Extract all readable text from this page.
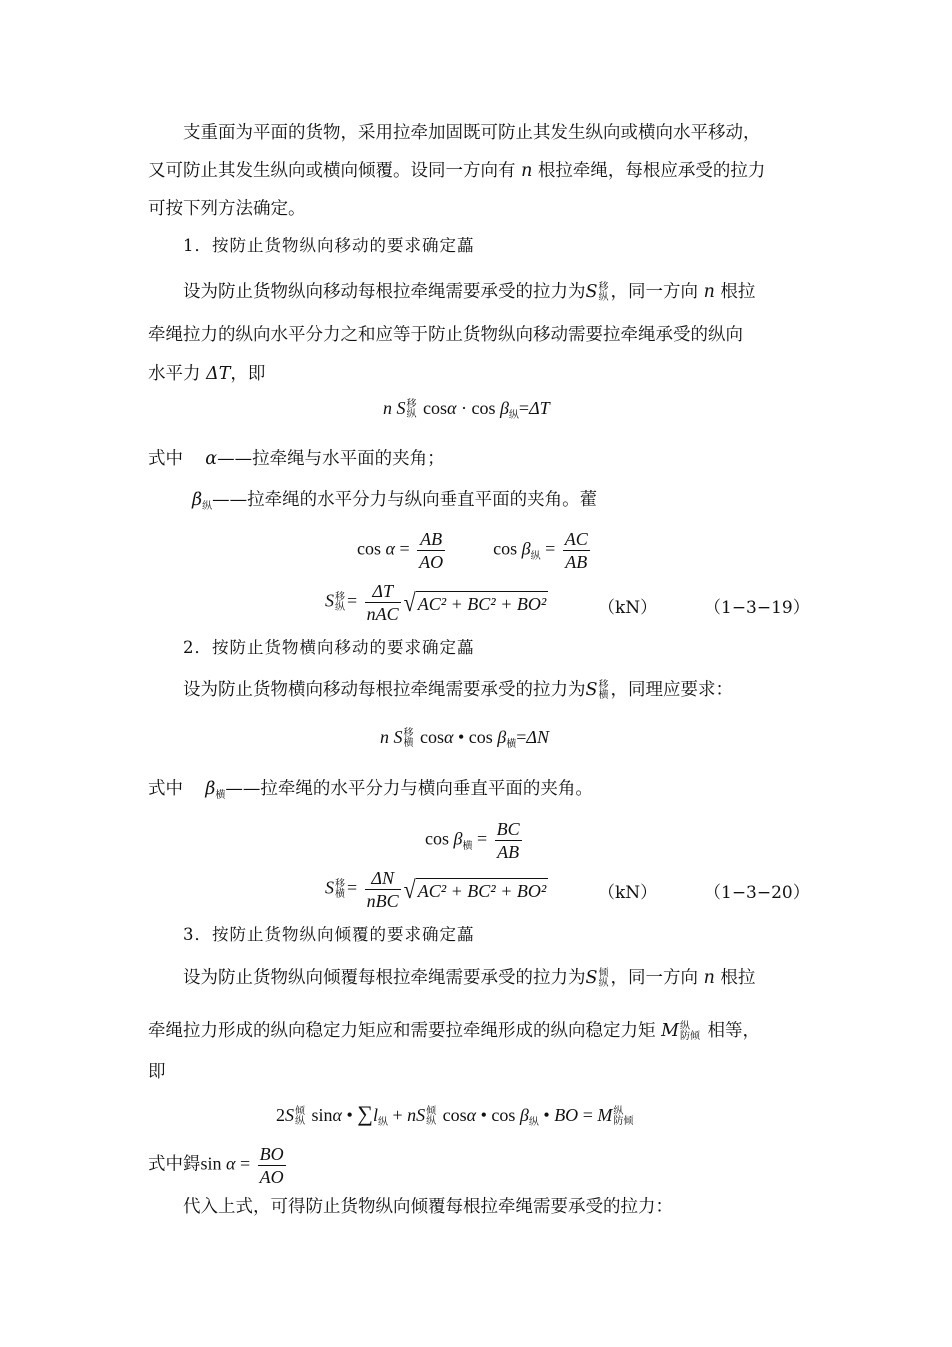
支重面为平面的货物，采用拉牵加固既可防止其发生纵向或横向水平移动，
又可防止其发生纵向或横向倾覆。设同一方向有 n 根拉牵绳，每根应承受的拉力
可按下列方法确定。
1．按防止货物纵向移动的要求确定藟
设为防止货物纵向移动每根拉牵绳需要承受的拉力为S 移
纵 ，同一方向 n 根拉
牵绳拉力的纵向水平分力之和应等于防止货物纵向移动需要拉牵绳承受的纵向
水平力 ΔT，即
n S 移
纵 $\cos\alpha \cdot \cos \beta_纵=\Delta T$
式中 α——拉牵绳与水平面的夹角；
$\beta_纵——$拉牵绳的水平分力与纵向垂直平面的夹角。藿
$\cos \alpha = \frac{AB}{AO}$	$\cos \beta_纵 = \frac{AC}{AB}$
S 移
纵 = $\frac{\Delta T}{\text{nAC}}$ √ AC² + BC² + BO²	（kN）	（1−3−19）
2．按防止货物横向移动的要求确定藟
设为防止货物横向移动每根拉牵绳需要承受的拉力为S 移
横 ，同理应要求：
n S 移
横 cosα • $\cos \beta_横=\Delta N$
式中 $\beta_横——$拉牵绳的水平分力与横向垂直平面的夹角。
$\cos \beta_横 = \frac{BC}{AB}$
S 移
横 = $\frac{\Delta N}{\text{nBC}}$ √ AC² + BC² + BO²	（kN）	（1−3−20）
3．按防止货物纵向倾覆的要求确定藟
设为防止货物纵向倾覆每根拉牵绳需要承受的拉力为S 倾
纵 ，同一方向 n 根拉
牵绳拉力形成的纵向稳定力矩应和需要拉牵绳形成的纵向稳定力矩 M 纵
防倾 相等，
即
2S 倾
纵 sinα • $\sum l_纵$ + nS 倾
纵 cosα • $\cos \beta_纵$ • BO = M 纵
防倾
式中鍀$\sin \alpha = \frac{BO}{AO}$
代入上式，可得防止货物纵向倾覆每根拉牵绳需要承受的拉力：
